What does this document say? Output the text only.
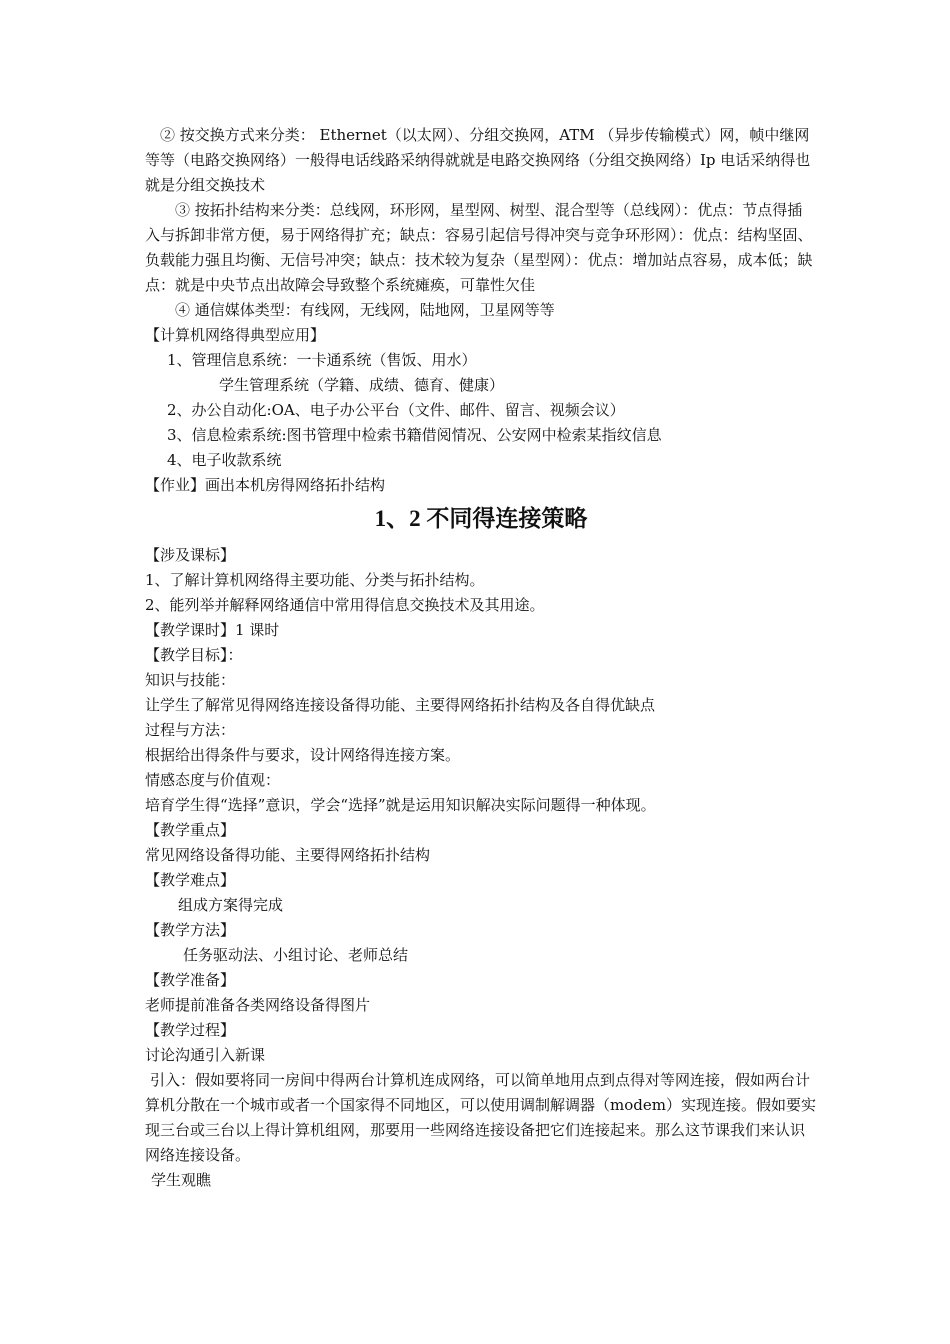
② 按交换方式来分类： Ethernet（以太网）、分组交换网，ATM （异步传输模式）网，帧中继网等等（电路交换网络）一般得电话线路采纳得就就是电路交换网络（分组交换网络）Ip 电话采纳得也就是分组交换技术

③ 按拓扑结构来分类：总线网，环形网，星型网、树型、混合型等（总线网）：优点：节点得插入与拆卸非常方便，易于网络得扩充；缺点：容易引起信号得冲突与竞争环形网）：优点：结构坚固、负载能力强且均衡、无信号冲突；缺点：技术较为复杂（星型网）：优点：增加站点容易，成本低；缺点：就是中央节点出故障会导致整个系统瘫痪，可靠性欠佳

④ 通信媒体类型：有线网，无线网，陆地网，卫星网等等

【计算机网络得典型应用】

1、管理信息系统：一卡通系统（售饭、用水）

学生管理系统（学籍、成绩、德育、健康）

2、办公自动化:OA、电子办公平台（文件、邮件、留言、视频会议）

3、信息检索系统:图书管理中检索书籍借阅情况、公安网中检索某指纹信息

4、电子收款系统

【作业】画出本机房得网络拓扑结构

1、2 不同得连接策略

【涉及课标】

1、了解计算机网络得主要功能、分类与拓扑结构。

2、能列举并解释网络通信中常用得信息交换技术及其用途。

【教学课时】1 课时

【教学目标】：

知识与技能：

让学生了解常见得网络连接设备得功能、主要得网络拓扑结构及各自得优缺点

过程与方法：

根据给出得条件与要求，设计网络得连接方案。

情感态度与价值观：

培育学生得“选择”意识，学会“选择”就是运用知识解决实际问题得一种体现。

【教学重点】

常见网络设备得功能、主要得网络拓扑结构

【教学难点】

组成方案得完成

【教学方法】

任务驱动法、小组讨论、老师总结

【教学准备】

老师提前准备各类网络设备得图片

【教学过程】

讨论沟通引入新课

引入：假如要将同一房间中得两台计算机连成网络，可以简单地用点到点得对等网连接，假如两台计算机分散在一个城市或者一个国家得不同地区，可以使用调制解调器（modem）实现连接。假如要实现三台或三台以上得计算机组网，那要用一些网络连接设备把它们连接起来。那么这节课我们来认识网络连接设备。

学生观瞧
